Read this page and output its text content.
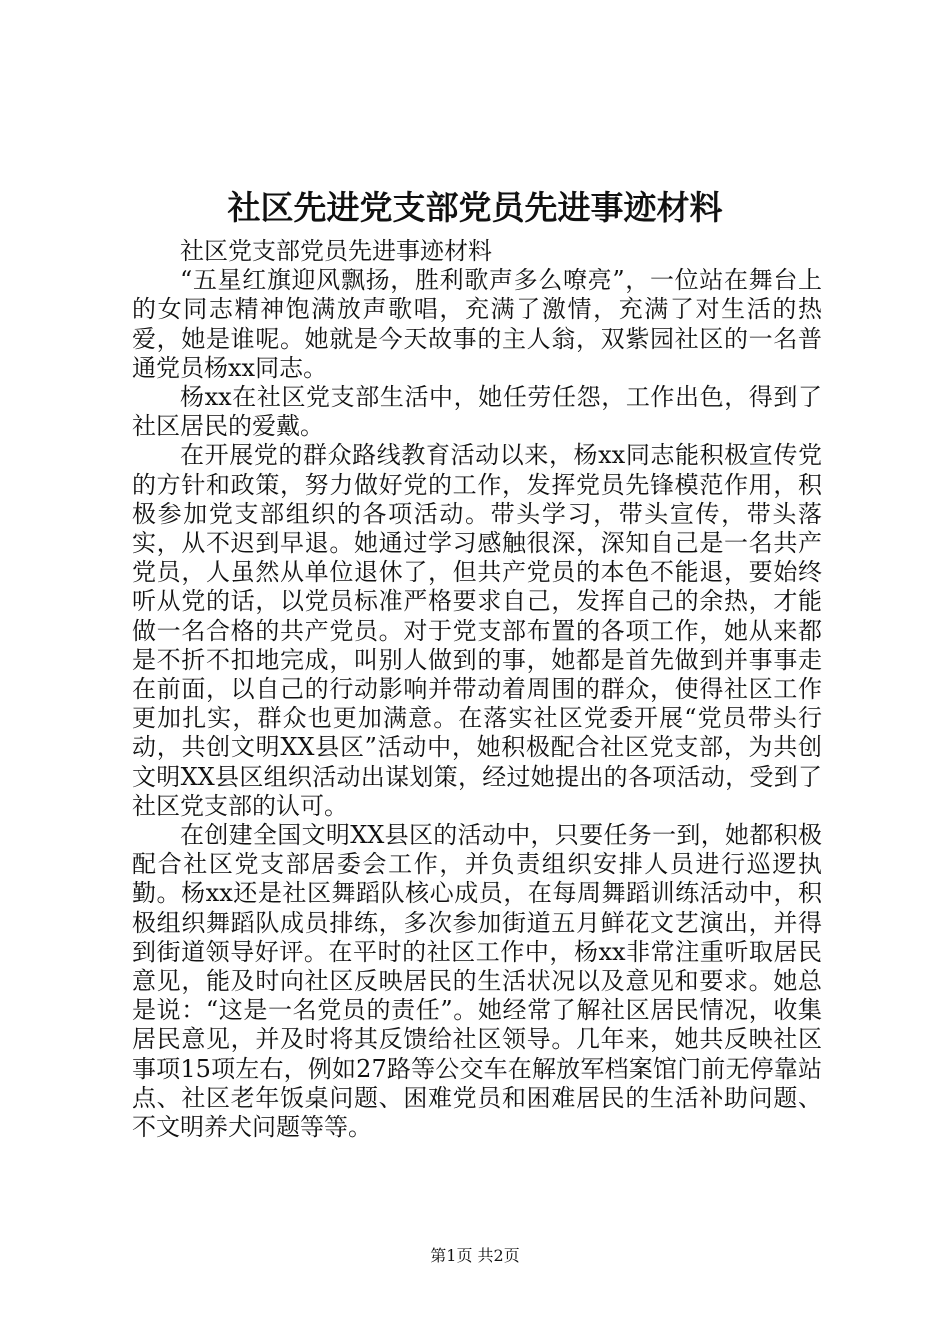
社区先进党支部党员先进事迹材料

社区党支部党员先进事迹材料

“五星红旗迎风飘扬，胜利歌声多么嘹亮”，一位站在舞台上的女同志精神饱满放声歌唱，充满了激情，充满了对生活的热爱，她是谁呢。她就是今天故事的主人翁，双紫园社区的一名普通党员杨xx同志。

杨xx在社区党支部生活中，她任劳任怨，工作出色，得到了社区居民的爱戴。

在开展党的群众路线教育活动以来，杨xx同志能积极宣传党的方针和政策，努力做好党的工作，发挥党员先锋模范作用，积极参加党支部组织的各项活动。带头学习，带头宣传，带头落实，从不迟到早退。她通过学习感触很深，深知自己是一名共产党员，人虽然从单位退休了，但共产党员的本色不能退，要始终听从党的话，以党员标准严格要求自己，发挥自己的余热，才能做一名合格的共产党员。对于党支部布置的各项工作，她从来都是不折不扣地完成，叫别人做到的事，她都是首先做到并事事走在前面，以自己的行动影响并带动着周围的群众，使得社区工作更加扎实，群众也更加满意。在落实社区党委开展“党员带头行动，共创文明XX县区”活动中，她积极配合社区党支部，为共创文明XX县区组织活动出谋划策，经过她提出的各项活动，受到了社区党支部的认可。

在创建全国文明XX县区的活动中，只要任务一到，她都积极配合社区党支部居委会工作，并负责组织安排人员进行巡逻执勤。杨xx还是社区舞蹈队核心成员，在每周舞蹈训练活动中，积极组织舞蹈队成员排练，多次参加街道五月鲜花文艺演出，并得到街道领导好评。在平时的社区工作中，杨xx非常注重听取居民意见，能及时向社区反映居民的生活状况以及意见和要求。她总是说：“这是一名党员的责任”。她经常了解社区居民情况，收集居民意见，并及时将其反馈给社区领导。几年来，她共反映社区事项15项左右，例如27路等公交车在解放军档案馆门前无停靠站点、社区老年饭桌问题、困难党员和困难居民的生活补助问题、不文明养犬问题等等。

第1页 共2页
